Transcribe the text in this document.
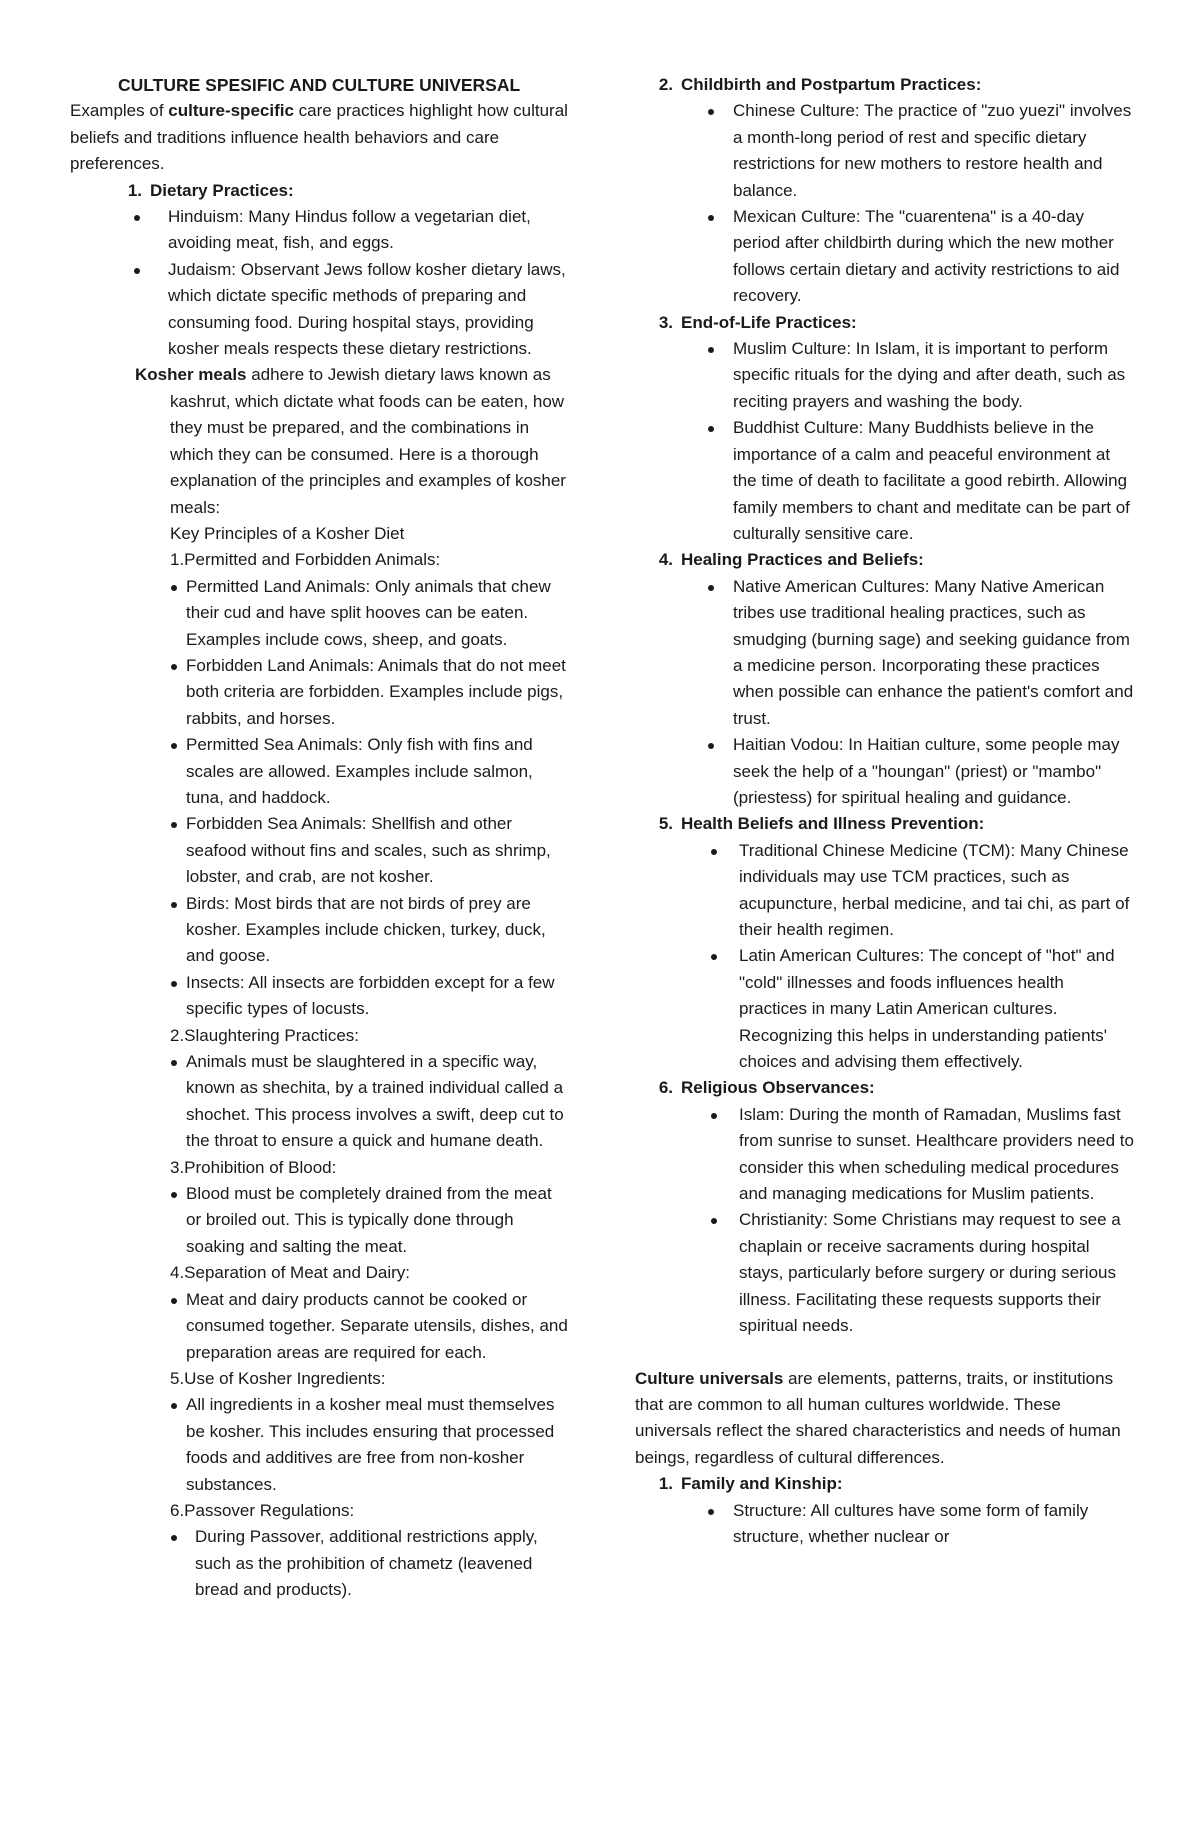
CULTURE SPESIFIC AND CULTURE UNIVERSAL

Examples of culture-specific care practices highlight how cultural beliefs and traditions influence health behaviors and care preferences.

1. Dietary Practices:
Hinduism: Many Hindus follow a vegetarian diet, avoiding meat, fish, and eggs.
Judaism: Observant Jews follow kosher dietary laws, which dictate specific methods of preparing and consuming food. During hospital stays, providing kosher meals respects these dietary restrictions.

Kosher meals adhere to Jewish dietary laws known as kashrut, which dictate what foods can be eaten, how they must be prepared, and the combinations in which they can be consumed. Here is a thorough explanation of the principles and examples of kosher meals:

Key Principles of a Kosher Diet

1.Permitted and Forbidden Animals:

Permitted Land Animals: Only animals that chew their cud and have split hooves can be eaten. Examples include cows, sheep, and goats.
Forbidden Land Animals: Animals that do not meet both criteria are forbidden. Examples include pigs, rabbits, and horses.
Permitted Sea Animals: Only fish with fins and scales are allowed. Examples include salmon, tuna, and haddock.
Forbidden Sea Animals: Shellfish and other seafood without fins and scales, such as shrimp, lobster, and crab, are not kosher.
Birds: Most birds that are not birds of prey are kosher. Examples include chicken, turkey, duck, and goose.
Insects: All insects are forbidden except for a few specific types of locusts.

2.Slaughtering Practices:

Animals must be slaughtered in a specific way, known as shechita, by a trained individual called a shochet. This process involves a swift, deep cut to the throat to ensure a quick and humane death.

3.Prohibition of Blood:

Blood must be completely drained from the meat or broiled out. This is typically done through soaking and salting the meat.

4.Separation of Meat and Dairy:

Meat and dairy products cannot be cooked or consumed together. Separate utensils, dishes, and preparation areas are required for each.

5.Use of Kosher Ingredients:

All ingredients in a kosher meal must themselves be kosher. This includes ensuring that processed foods and additives are free from non-kosher substances.

6.Passover Regulations:

During Passover, additional restrictions apply, such as the prohibition of chametz (leavened bread and products).
2. Childbirth and Postpartum Practices:
Chinese Culture: The practice of "zuo yuezi" involves a month-long period of rest and specific dietary restrictions for new mothers to restore health and balance.
Mexican Culture: The "cuarentena" is a 40-day period after childbirth during which the new mother follows certain dietary and activity restrictions to aid recovery.
3. End-of-Life Practices:
Muslim Culture: In Islam, it is important to perform specific rituals for the dying and after death, such as reciting prayers and washing the body.
Buddhist Culture: Many Buddhists believe in the importance of a calm and peaceful environment at the time of death to facilitate a good rebirth. Allowing family members to chant and meditate can be part of culturally sensitive care.
4. Healing Practices and Beliefs:
Native American Cultures: Many Native American tribes use traditional healing practices, such as smudging (burning sage) and seeking guidance from a medicine person. Incorporating these practices when possible can enhance the patient's comfort and trust.
Haitian Vodou: In Haitian culture, some people may seek the help of a "houngan" (priest) or "mambo" (priestess) for spiritual healing and guidance.
5. Health Beliefs and Illness Prevention:
Traditional Chinese Medicine (TCM): Many Chinese individuals may use TCM practices, such as acupuncture, herbal medicine, and tai chi, as part of their health regimen.
Latin American Cultures: The concept of "hot" and "cold" illnesses and foods influences health practices in many Latin American cultures. Recognizing this helps in understanding patients' choices and advising them effectively.
6. Religious Observances:
Islam: During the month of Ramadan, Muslims fast from sunrise to sunset. Healthcare providers need to consider this when scheduling medical procedures and managing medications for Muslim patients.
Christianity: Some Christians may request to see a chaplain or receive sacraments during hospital stays, particularly before surgery or during serious illness. Facilitating these requests supports their spiritual needs.

Culture universals are elements, patterns, traits, or institutions that are common to all human cultures worldwide. These universals reflect the shared characteristics and needs of human beings, regardless of cultural differences.

1. Family and Kinship:
Structure: All cultures have some form of family structure, whether nuclear or
